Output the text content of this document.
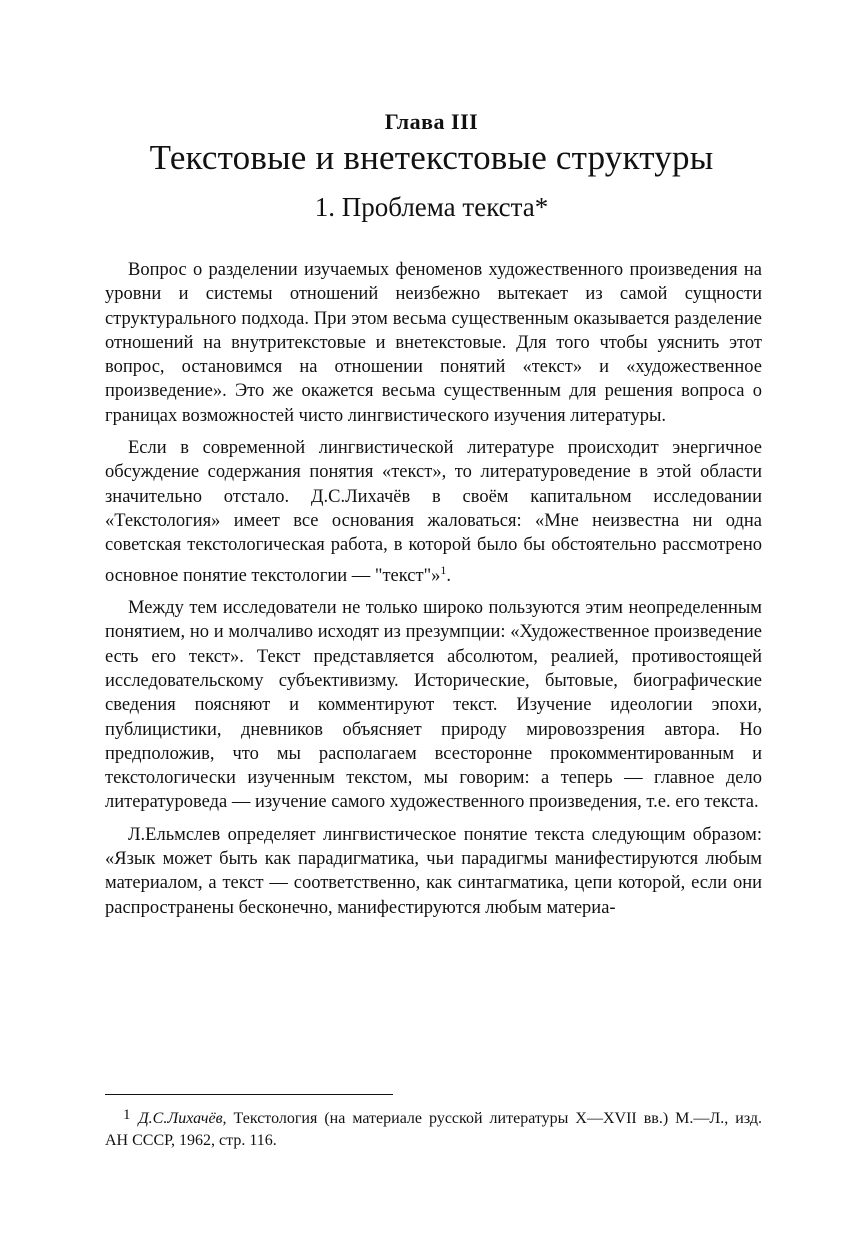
Глава III
Текстовые и внетекстовые структуры
1. Проблема текста*

Вопрос о разделении изучаемых феноменов художественного произведения на уровни и системы отношений неизбежно вытекает из самой сущности структурального подхода. При этом весьма существенным оказывается разделение отношений на внутритекстовые и внетекстовые. Для того чтобы уяснить этот вопрос, остановимся на отношении понятий «текст» и «художественное произведение». Это же окажется весьма существенным для решения вопроса о границах возможностей чисто лингвистического изучения литературы.

Если в современной лингвистической литературе происходит энергичное обсуждение содержания понятия «текст», то литературоведение в этой области значительно отстало. Д.С.Лихачёв в своём капитальном исследовании «Текстология» имеет все основания жаловаться: «Мне неизвестна ни одна советская текстологическая работа, в которой было бы обстоятельно рассмотрено основное понятие текстологии — "текст"»$^1$.

Между тем исследователи не только широко пользуются этим неопределенным понятием, но и молчаливо исходят из презумпции: «Художественное произведение есть его текст». Текст представляется абсолютом, реалией, противостоящей исследовательскому субъективизму. Исторические, бытовые, биографические сведения поясняют и комментируют текст. Изучение идеологии эпохи, публицистики, дневников объясняет природу мировоззрения автора. Но предположив, что мы располагаем всесторонне прокомментированным и текстологически изученным текстом, мы говорим: а теперь — главное дело литературоведа — изучение самого художественного произведения, т.е. его текста.

Л.Ельмслев определяет лингвистическое понятие текста следующим образом: «Язык может быть как парадигматика, чьи парадигмы манифестируются любым материалом, а текст — соответственно, как синтагматика, цепи которой, если они распространены бесконечно, манифестируются любым материа-

1 Д.С.Лихачёв, Текстология (на материале русской литературы X—XVII вв.) М.—Л., изд. АН СССР, 1962, стр. 116.
